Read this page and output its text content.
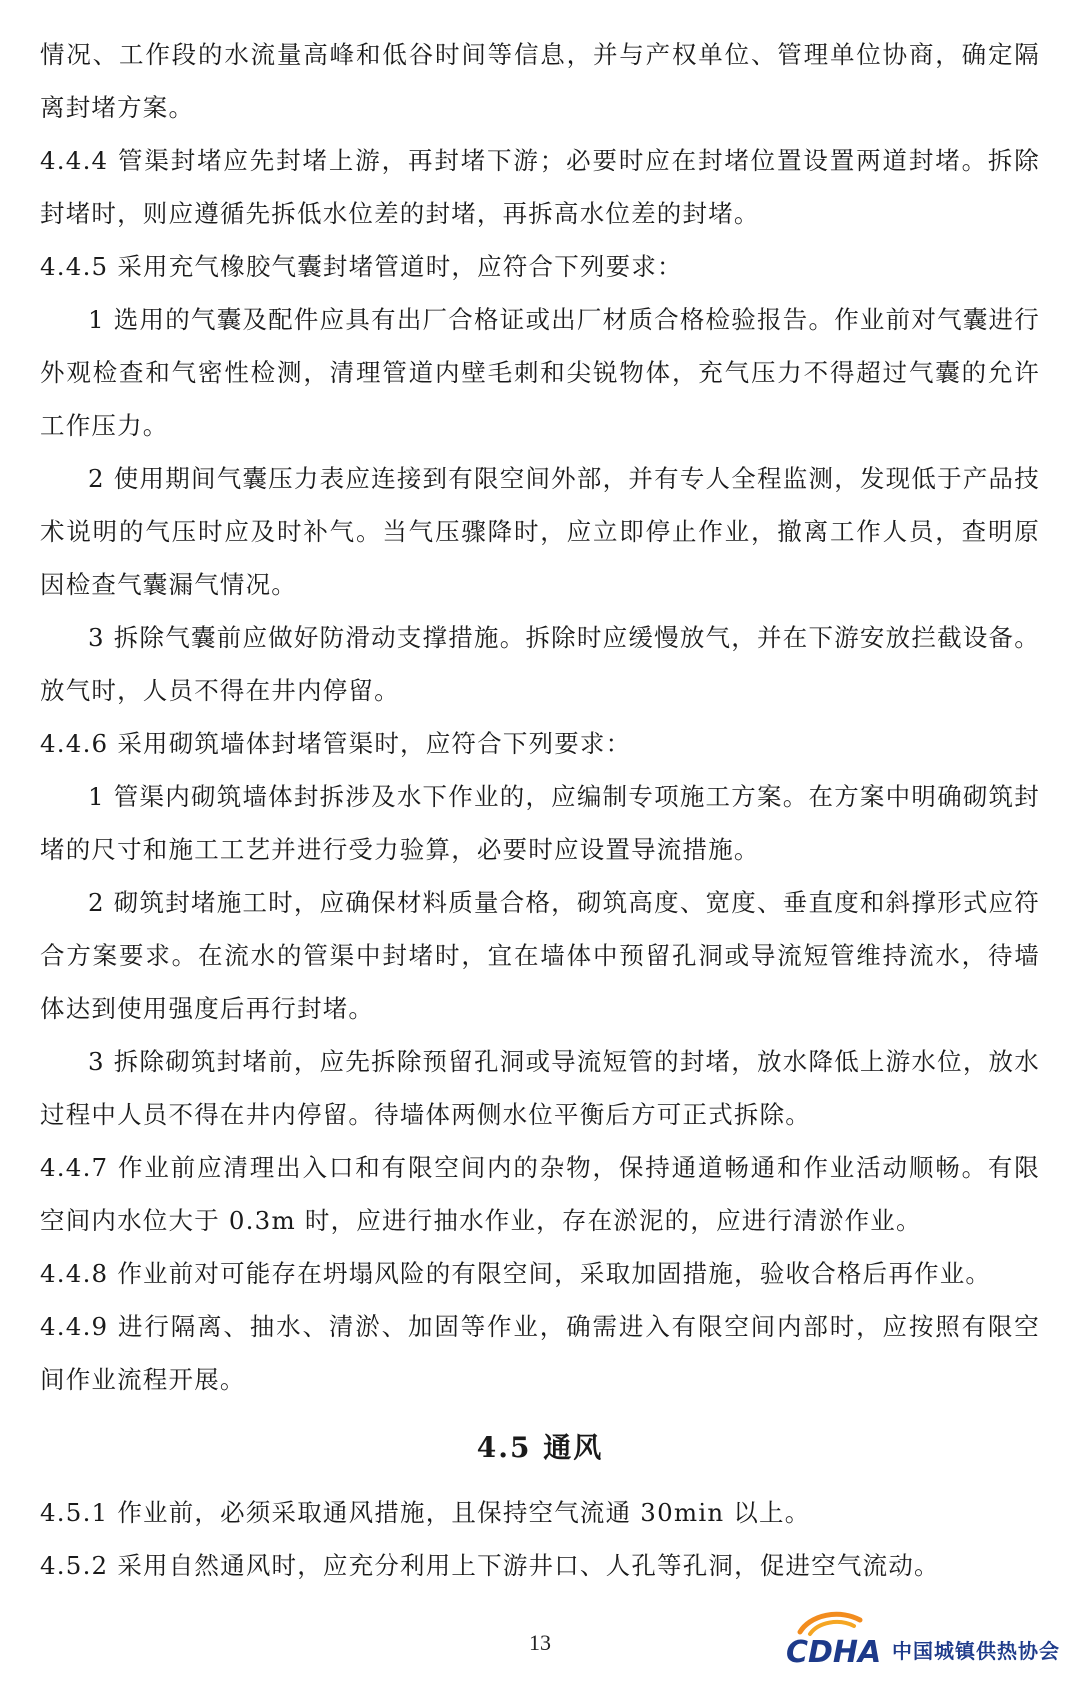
情况、工作段的水流量高峰和低谷时间等信息，并与产权单位、管理单位协商，确定隔离封堵方案。

4.4.4 管渠封堵应先封堵上游，再封堵下游；必要时应在封堵位置设置两道封堵。拆除封堵时，则应遵循先拆低水位差的封堵，再拆高水位差的封堵。

4.4.5 采用充气橡胶气囊封堵管道时，应符合下列要求：

1 选用的气囊及配件应具有出厂合格证或出厂材质合格检验报告。作业前对气囊进行外观检查和气密性检测，清理管道内壁毛刺和尖锐物体，充气压力不得超过气囊的允许工作压力。

2 使用期间气囊压力表应连接到有限空间外部，并有专人全程监测，发现低于产品技术说明的气压时应及时补气。当气压骤降时，应立即停止作业，撤离工作人员，查明原因检查气囊漏气情况。

3 拆除气囊前应做好防滑动支撑措施。拆除时应缓慢放气，并在下游安放拦截设备。放气时，人员不得在井内停留。

4.4.6 采用砌筑墙体封堵管渠时，应符合下列要求：

1 管渠内砌筑墙体封拆涉及水下作业的，应编制专项施工方案。在方案中明确砌筑封堵的尺寸和施工工艺并进行受力验算，必要时应设置导流措施。

2 砌筑封堵施工时，应确保材料质量合格，砌筑高度、宽度、垂直度和斜撑形式应符合方案要求。在流水的管渠中封堵时，宜在墙体中预留孔洞或导流短管维持流水，待墙体达到使用强度后再行封堵。

3 拆除砌筑封堵前，应先拆除预留孔洞或导流短管的封堵，放水降低上游水位，放水过程中人员不得在井内停留。待墙体两侧水位平衡后方可正式拆除。

4.4.7 作业前应清理出入口和有限空间内的杂物，保持通道畅通和作业活动顺畅。有限空间内水位大于 0.3m 时，应进行抽水作业，存在淤泥的，应进行清淤作业。

4.4.8 作业前对可能存在坍塌风险的有限空间，采取加固措施，验收合格后再作业。

4.4.9 进行隔离、抽水、清淤、加固等作业，确需进入有限空间内部时，应按照有限空间作业流程开展。

4.5 通风

4.5.1 作业前，必须采取通风措施，且保持空气流通 30min 以上。

4.5.2 采用自然通风时，应充分利用上下游井口、人孔等孔洞，促进空气流动。

13	CDHA 中国城镇供热协会
